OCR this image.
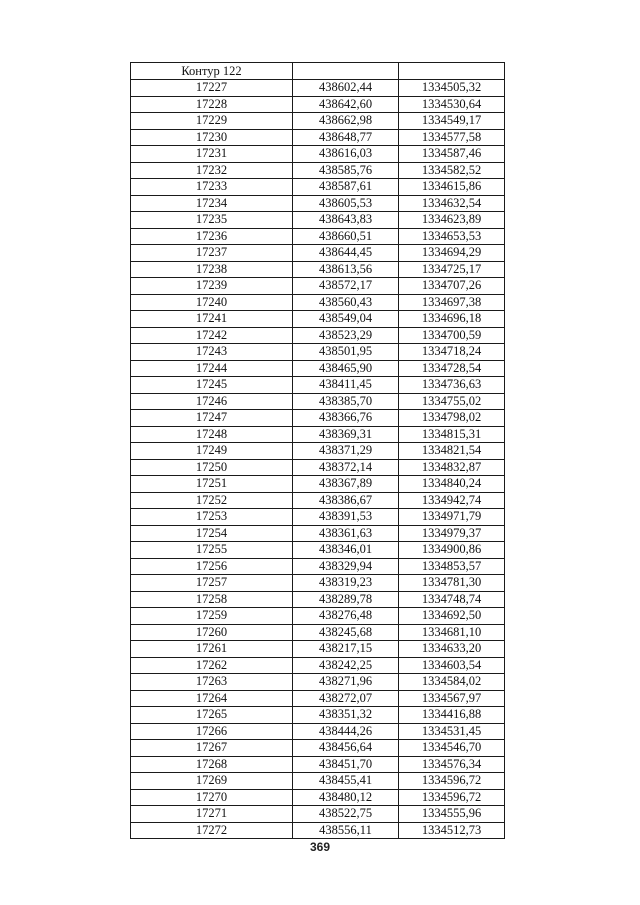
Контур 122		
17227	438602,44	1334505,32
17228	438642,60	1334530,64
17229	438662,98	1334549,17
17230	438648,77	1334577,58
17231	438616,03	1334587,46
17232	438585,76	1334582,52
17233	438587,61	1334615,86
17234	438605,53	1334632,54
17235	438643,83	1334623,89
17236	438660,51	1334653,53
17237	438644,45	1334694,29
17238	438613,56	1334725,17
17239	438572,17	1334707,26
17240	438560,43	1334697,38
17241	438549,04	1334696,18
17242	438523,29	1334700,59
17243	438501,95	1334718,24
17244	438465,90	1334728,54
17245	438411,45	1334736,63
17246	438385,70	1334755,02
17247	438366,76	1334798,02
17248	438369,31	1334815,31
17249	438371,29	1334821,54
17250	438372,14	1334832,87
17251	438367,89	1334840,24
17252	438386,67	1334942,74
17253	438391,53	1334971,79
17254	438361,63	1334979,37
17255	438346,01	1334900,86
17256	438329,94	1334853,57
17257	438319,23	1334781,30
17258	438289,78	1334748,74
17259	438276,48	1334692,50
17260	438245,68	1334681,10
17261	438217,15	1334633,20
17262	438242,25	1334603,54
17263	438271,96	1334584,02
17264	438272,07	1334567,97
17265	438351,32	1334416,88
17266	438444,26	1334531,45
17267	438456,64	1334546,70
17268	438451,70	1334576,34
17269	438455,41	1334596,72
17270	438480,12	1334596,72
17271	438522,75	1334555,96
17272	438556,11	1334512,73
369
